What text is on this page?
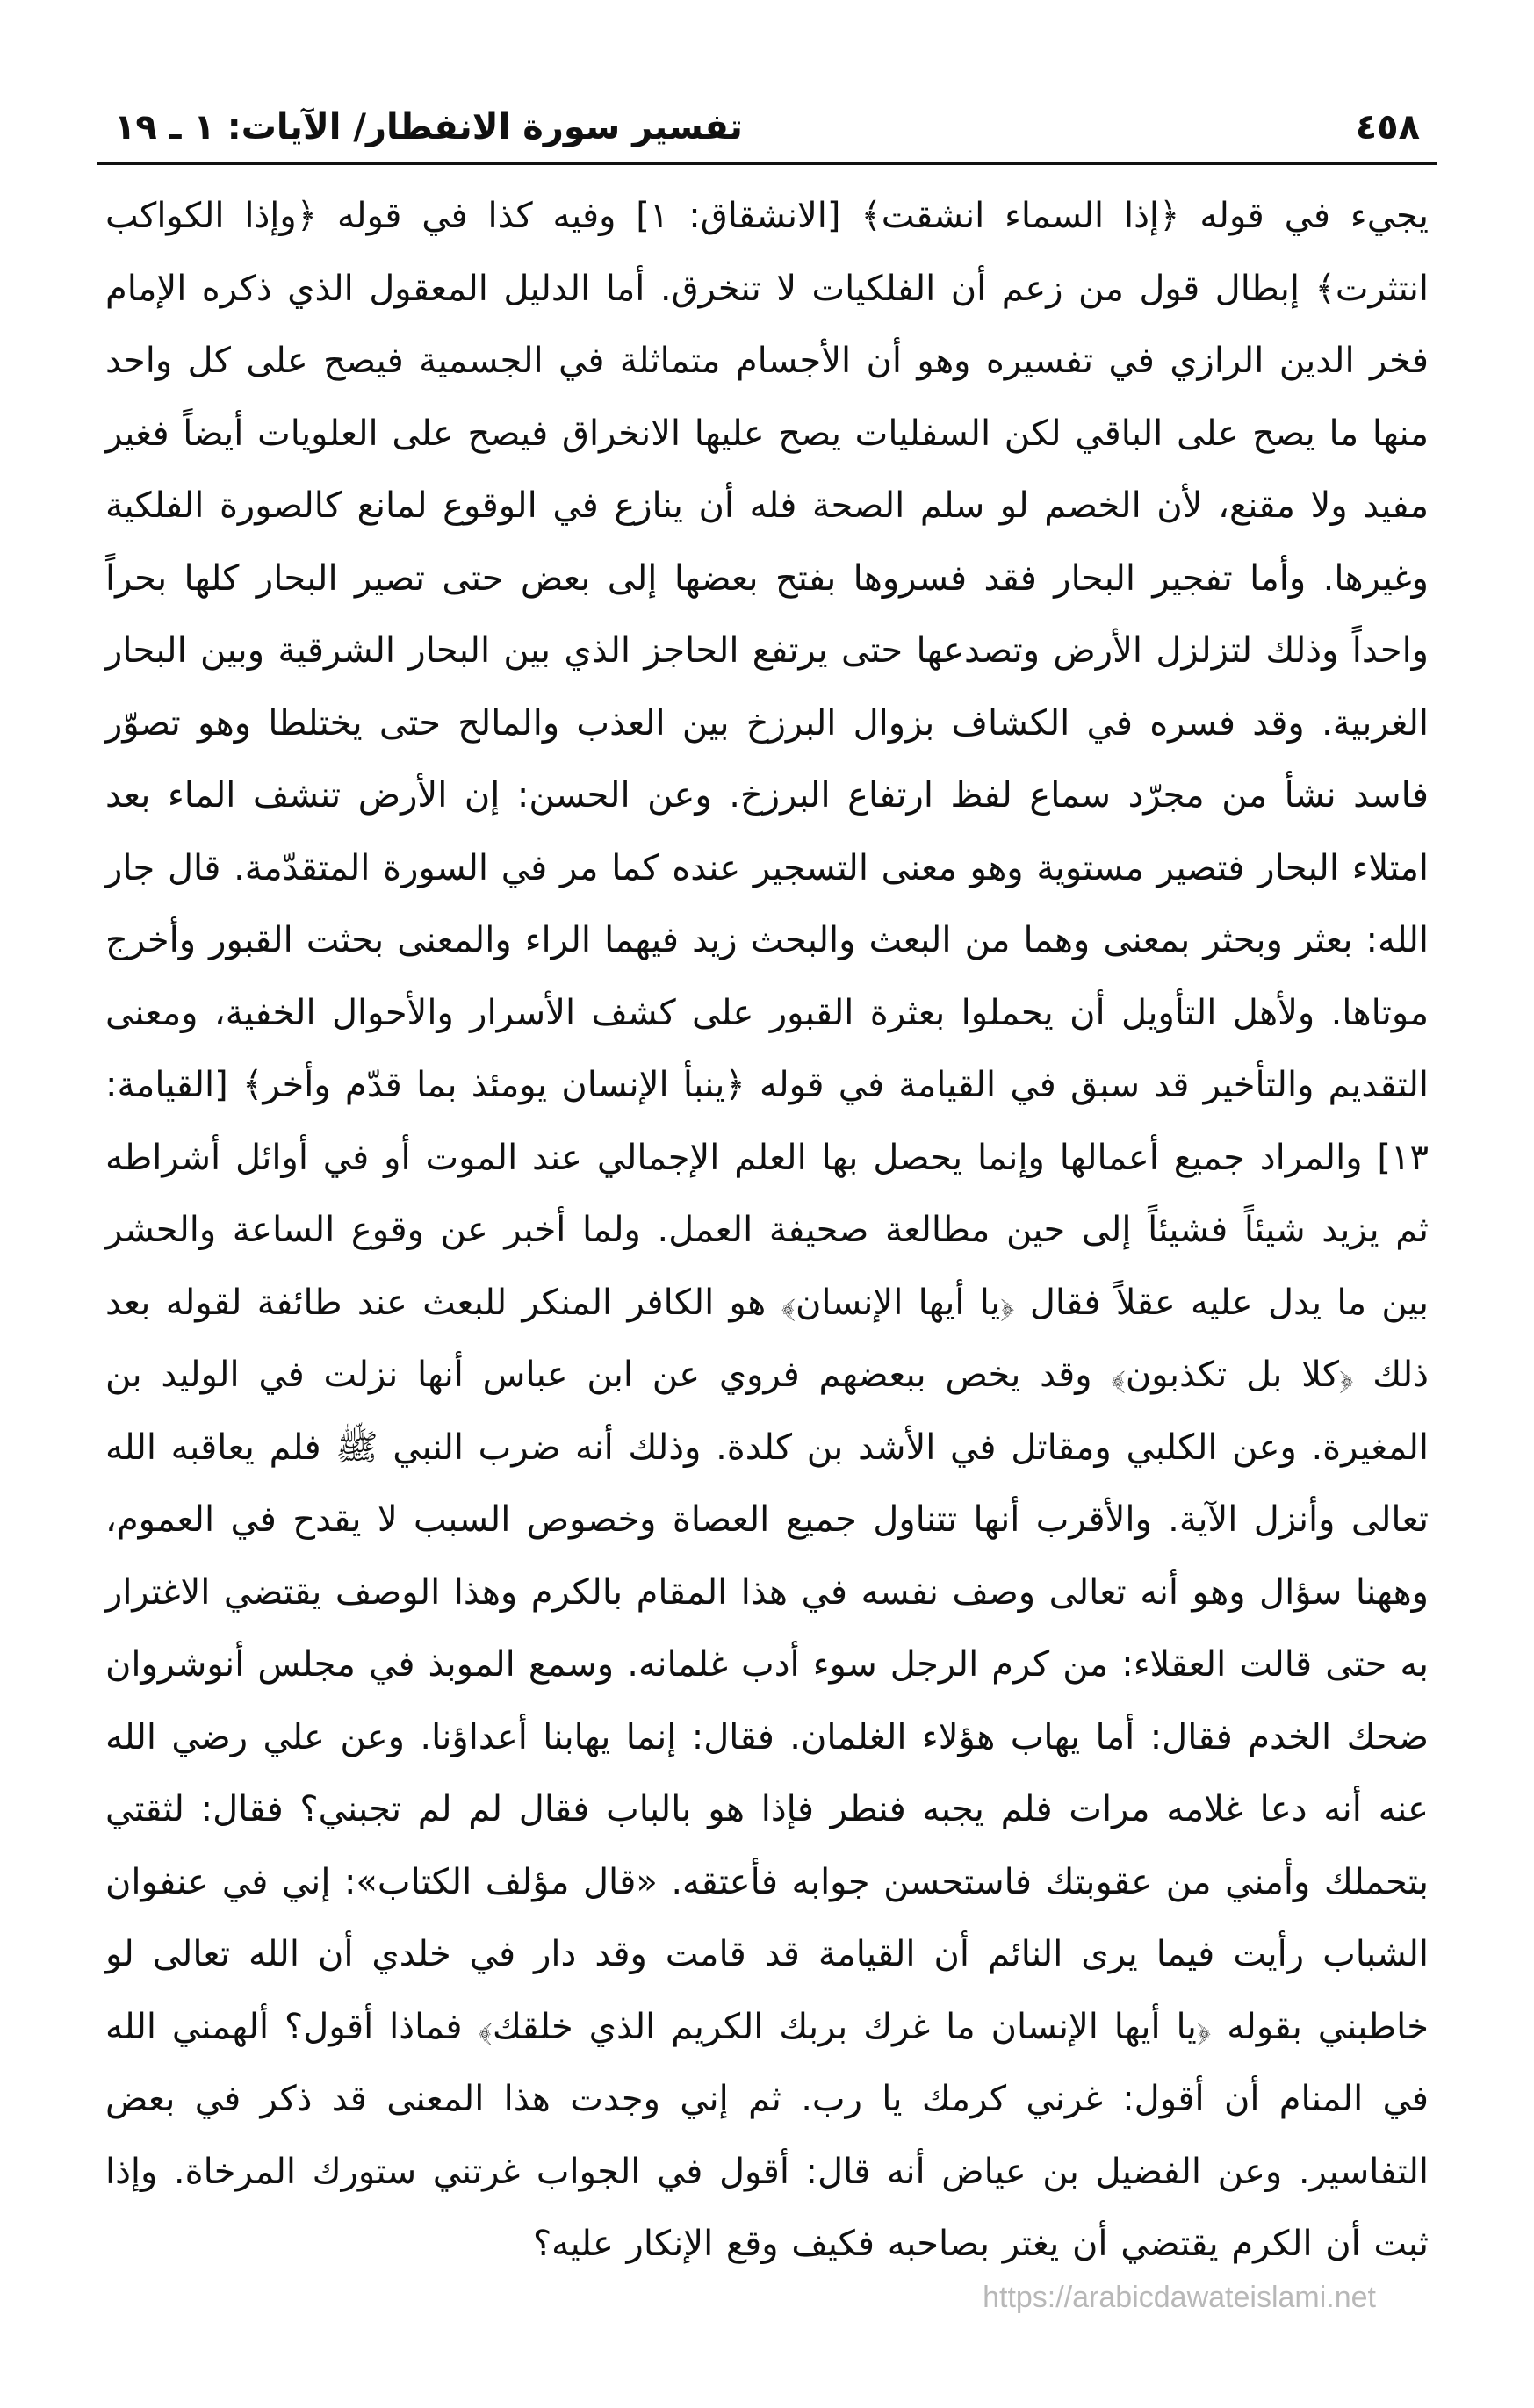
٤٥٨
تفسير سورة الانفطار/ الآيات: ١ ـ ١٩
يجيء في قوله ﴿إذا السماء انشقت﴾ [الانشقاق: ١] وفيه كذا في قوله ﴿وإذا الكواكب انتثرت﴾ إبطال قول من زعم أن الفلكيات لا تنخرق. أما الدليل المعقول الذي ذكره الإمام فخر الدين الرازي في تفسيره وهو أن الأجسام متماثلة في الجسمية فيصح على كل واحد منها ما يصح على الباقي لكن السفليات يصح عليها الانخراق فيصح على العلويات أيضاً فغير مفيد ولا مقنع، لأن الخصم لو سلم الصحة فله أن ينازع في الوقوع لمانع كالصورة الفلكية وغيرها. وأما تفجير البحار فقد فسروها بفتح بعضها إلى بعض حتى تصير البحار كلها بحراً واحداً وذلك لتزلزل الأرض وتصدعها حتى يرتفع الحاجز الذي بين البحار الشرقية وبين البحار الغربية. وقد فسره في الكشاف بزوال البرزخ بين العذب والمالح حتى يختلطا وهو تصوّر فاسد نشأ من مجرّد سماع لفظ ارتفاع البرزخ. وعن الحسن: إن الأرض تنشف الماء بعد امتلاء البحار فتصير مستوية وهو معنى التسجير عنده كما مر في السورة المتقدّمة. قال جار الله: بعثر وبحثر بمعنى وهما من البعث والبحث زيد فيهما الراء والمعنى بحثت القبور وأخرج موتاها. ولأهل التأويل أن يحملوا بعثرة القبور على كشف الأسرار والأحوال الخفية، ومعنى التقديم والتأخير قد سبق في القيامة في قوله ﴿ينبأ الإنسان يومئذ بما قدّم وأخر﴾ [القيامة: ١٣] والمراد جميع أعمالها وإنما يحصل بها العلم الإجمالي عند الموت أو في أوائل أشراطه ثم يزيد شيئاً فشيئاً إلى حين مطالعة صحيفة العمل. ولما أخبر عن وقوع الساعة والحشر بين ما يدل عليه عقلاً فقال ﴿يا أيها الإنسان﴾ هو الكافر المنكر للبعث عند طائفة لقوله بعد ذلك ﴿كلا بل تكذبون﴾ وقد يخص ببعضهم فروي عن ابن عباس أنها نزلت في الوليد بن المغيرة. وعن الكلبي ومقاتل في الأشد بن كلدة. وذلك أنه ضرب النبي ﷺ فلم يعاقبه الله تعالى وأنزل الآية. والأقرب أنها تتناول جميع العصاة وخصوص السبب لا يقدح في العموم، وههنا سؤال وهو أنه تعالى وصف نفسه في هذا المقام بالكرم وهذا الوصف يقتضي الاغترار به حتى قالت العقلاء: من كرم الرجل سوء أدب غلمانه. وسمع الموبذ في مجلس أنوشروان ضحك الخدم فقال: أما يهاب هؤلاء الغلمان. فقال: إنما يهابنا أعداؤنا. وعن علي رضي الله عنه أنه دعا غلامه مرات فلم يجبه فنطر فإذا هو بالباب فقال لم لم تجبني؟ فقال: لثقتي بتحملك وأمني من عقوبتك فاستحسن جوابه فأعتقه. «قال مؤلف الكتاب»: إني في عنفوان الشباب رأيت فيما يرى النائم أن القيامة قد قامت وقد دار في خلدي أن الله تعالى لو خاطبني بقوله ﴿يا أيها الإنسان ما غرك بربك الكريم الذي خلقك﴾ فماذا أقول؟ ألهمني الله في المنام أن أقول: غرني كرمك يا رب. ثم إني وجدت هذا المعنى قد ذكر في بعض التفاسير. وعن الفضيل بن عياض أنه قال: أقول في الجواب غرتني ستورك المرخاة. وإذا ثبت أن الكرم يقتضي أن يغتر بصاحبه فكيف وقع الإنكار عليه؟
https://arabicdawateislami.net
